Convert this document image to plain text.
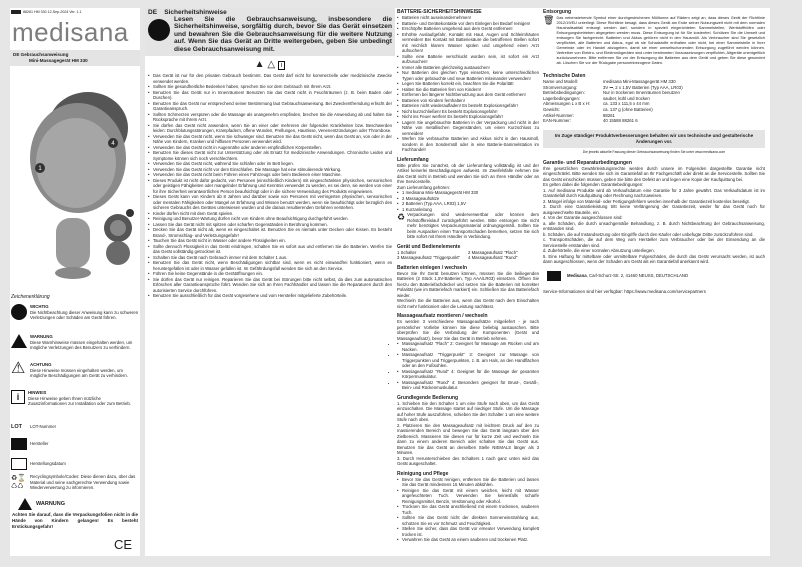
88261 HM 330 12-Sep-2024 Ver. 1.1
medisana
DE Gebrauchsanweisung
Mini-Massagegerät HM 330
1
4
Zeichenerklärung
WICHTIG
Die Nichtbeachtung dieser Anweisung kann zu schweren Verletzungen oder Schäden am Gerät führen.
WARNUNG
Diese Warnhinweise müssen eingehalten werden, um mögliche Verletzungen des Benutzers zu verhindern.
⚠	ACHTUNG
Diese Hinweise müssen eingehalten werden, um mögliche Beschädigungen am Gerät zu verhindern.
i	HINWEIS
Diese Hinweise geben Ihnen nützliche Zusatzinformationen zur Installation oder zum Betrieb.
LOT	LOT-Nummer
Hersteller
Herstellungsdatum
♻⌛
♺♺
Recyclingsymbole/Codes: Diese dienen dazu, über das Material und seine sachgerechte Verwendung sowie Wiederverwertung zu informieren.
WARNUNG

Achten Sie darauf, dass die Verpackungsfolien nicht in die Hände von Kindern gelangen! Es besteht Erstickungsgefahr!

CE
DE Sicherheitshinweise

Lesen Sie die Gebrauchsanweisung, insbesondere die Sicherheitshinweise, sorgfältig durch, bevor Sie das Gerät einsetzen und bewahren Sie die Gebrauchsanweisung für die weitere Nutzung auf. Wenn Sie das Gerät an Dritte weitergeben, geben Sie unbedingt diese Gebrauchsanweisung mit.

▲ △ i
• Das Gerät ist nur für den privaten Gebrauch bestimmt. Das Gerät darf nicht für kommerzielle oder medizinische Zwecke verwendet werden.
• Sollten Sie gesundheitliche Bedenken haben, sprechen Sie vor dem Gebrauch mit Ihrem Arzt.
• Benutzen Sie das Gerät nur in Innenräumen! Benutzen Sie das Gerät nicht in Feuchträumen (z. B. beim Baden oder Duschen).
• Benutzen Sie das Gerät nur entsprechend seiner Bestimmung laut Gebrauchsanweisung. Bei Zweckentfremdung erlischt der Garantieanspruch.
• Sollten Schmerzen verspüren oder die Massage als unangenehm empfinden, brechen Sie die Anwendung ab und halten Sie Rücksprache mit Ihrem Arzt.
• Sie dürfen das Gerät nicht anwenden, wenn Sie an einer oder mehreren der folgenden Krankheiten bzw. Beschwerden leiden: Durchblutungsstörungen, Krampfadern, offene Wunden, Prellungen, Hautrisse, Venenentzündungen oder Thrombose.
• Verwenden Sie das Gerät nicht, wenn Sie schwanger sind. Benutzen Sie das Gerät nicht, wenn das Gerät an, von oder in der Nähe von Kindern, Kranken und hilflosen Personen verwendet wird.
• Verwenden Sie das Gerät nicht in Augennähe oder anderen empfindlichen Körperstellen.
• Benutzen Sie dieses Gerät nicht zur Unterstützung oder als Ersatz für medizinische Anwendungen. Chronische Leiden und Symptome können sich noch verschlechtern.
• Verwenden Sie das Gerät nicht, während Sie schlafen oder im Bett liegen.
• Verwenden Sie das Gerät nicht vor dem Einschlafen. Die Massage hat eine stimulierende Wirkung.
• Verwenden Sie das Gerät nicht beim Führen eines Fahrzeugs oder beim Bedienen einer Maschine.
• Dieses Produkt ist nicht dafür gedacht, von Personen (einschließlich Kindern) mit eingeschränkten physischen, sensorischen oder geistigen Fähigkeiten oder mangelnder Erfahrung und Kenntnis verwendet zu werden, es sei denn, sie werden von einer für ihre Sicherheit verantwortlichen Person beaufsichtigt oder in die sichere Verwendung des Produkts eingewiesen.
• Dieses Gerät kann von Kindern ab 8 Jahren und darüber sowie von Personen mit verringerten physischen, sensorischen oder mentalen Fähigkeiten oder Mangel an Erfahrung und Wissen benutzt werden, wenn sie beaufsichtigt oder bezüglich des sicheren Gebrauchs des Gerätes unterwiesen wurden und die daraus resultierenden Gefahren verstehen.
• Kinder dürfen nicht mit dem Gerät spielen.
• Reinigung und Benutzer-Wartung dürfen nicht von Kindern ohne Beaufsichtigung durchgeführt werden.
• Lassen Sie das Gerät nicht mit spitzen oder scharfen Gegenständen in Berührung kommen.
• Decken Sie das Gerät nicht ab, wenn es eingeschaltet ist. Benutzen Sie es niemals unter Decken oder Kissen. Es besteht Brand-, Stromschlag- und Verletzungsgefahr!
• Tauchen Sie das Gerät nicht in Wasser oder andere Flüssigkeiten ein.
• Sollte dennoch Flüssigkeit in das Gerät eindringen, schalten Sie es sofort aus und entfernen Sie die Batterien. Werfen Sie das Gerät vollständig getrocknet ist.
• Schalten Sie das Gerät nach Gebrauch immer mit dem Schalter 1 aus.
• Benutzen Sie das Gerät nicht, wenn Beschädigungen sichtbar sind, wenn es nicht einwandfrei funktioniert, wenn es heruntergefallen ist oder in Wasser gefallen ist. Im Gefährdungsfall wenden Sie sich an den Service.
• Führen Sie keine Gegenstände in die Gerätöffnungen ein.
• Sie dürfen das Gerät nur reinigen. Reparieren Sie das Gerät bei Störungen bitte nicht selbst, da dies zum automatischen Erlöschen aller Garantieansprüche führt. Wenden Sie sich an Ihren Fachhändler und lassen Sie die Reparaturen durch den autorisierten Service durchführen.
• Benutzen Sie ausschließlich für das Gerät vorgesehene und vom Hersteller mitgelieferte Zubehörteile.
BATTERIE-SICHERHEITSHINWEISE
• Batterien nicht auseinandernehmen!
• Batterie- und Gerätekontakte vor dem Einlegen bei Bedarf reinigen!
• Erschöpfte Batterien umgehend aus dem Gerät entfernen!
• Erhöhte Auslaufgefahr, Kontakt mit Haut, Augen und Schleimhäuten vermeiden! Bei Kontakt mit Batteriesäure die betroffenen Stellen sofort mit reichlich klarem Wasser spülen und umgehend einen Arzt aufsuchen!
• Sollte eine Batterie verschluckt worden sein, ist sofort ein Arzt aufzusuchen!
• Immer alle Batterien gleichzeitig austauschen!
• Nur Batterien des gleichen Typs einsetzen, keine unterschiedlichen Typen oder gebrauchte und neue Batterien miteinander verwenden!
• Legen Sie Batterien korrekt ein, beachten Sie die Polarität!
• Halten Sie die Batterien fern von Kindern!
• Entfernen bei längerer Nichtbenutzung aus dem Gerät entfernen!
• Batterien von Kindern fernhalten!
• Batterien nicht wiederaufladen! Es besteht Explosionsgefahr!
• Nicht kurzschließen! Es besteht Explosionsgefahr!
• Nicht ins Feuer werfen! Es besteht Explosionsgefahr!
• Lagern Sie ungebrauchte Batterien in der Verpackung und nicht in der Nähe von metallischen Gegenständen, um einen Kurzschluss zu vermeiden!
• Werfen Sie verbrauchte Batterien und Akkus nicht in den Hausmüll, sondern in den Sondermüll oder in eine Batterie-Sammelstation im Fachhandel!
Lieferumfang

Bitte prüfen Sie zunächst, ob der Lieferumfang vollständig ist und der Artikel keinerlei Beschädigungen aufweist. Im Zweifelsfalle nehmen Sie das Gerät nicht in Betrieb und wenden Sie sich an Ihren Händler oder an Ihre Servicestelle.

Zum Lieferumfang gehören:

• 1 medisana Mini-Massagegerät HM 330
• 2 Massageaufsätze
• 2 Batterien (Typ AAA, LR03) 1,5V
• 1 Kurzanleitung
♻ Verpackungen sind wiederverwertbar oder können dem Rohstoffkreislauf zurückgeführt werden. Bitte entsorgen Sie nicht mehr benötigtes Verpackungsmaterial ordnungsgemäß. Sollten Sie beim Auspacken einen Transportschaden bemerken, setzen Sie sich bitte sofort mit Ihrem Händler in Verbindung.

Gerät und Bedienelemente
1 Schalter	2 Massageaufsatz "Flach"
3 Massageaufsatz "Triggerpunkt"	4 Massageaufsatz "Rund"
Batterien einlegen / wechseln

Bevor Sie Ihr Gerät benutzen können, müssen Sie die beiliegenden Batterien (2 Stück 1,5V-Batterien, Typ AAA/LR03) einsetzen. Öffnen Sie hierzu den Batteriefachdeckel und setzen Sie die Batterien mit korrekter Polarität (wie im Batteriefach markiert) ein. Schließen Sie das Batteriefach wieder.

Wechseln Sie die Batterien aus, wenn das Gerät nach dem Einschalten nicht mehr funktioniert oder die Leistung nachlässt.

Massageaufsatz montieren / wechseln

Es werden 3 verschiedene Massageaufsätze mitgeliefert - je nach persönlicher Vorliebe können Sie diese beliebig austauschen. Bitte überprüfen Sie die Verbindung der Komponenten (Gerät und Massageaufsatz), bevor Sie das Gerät in Betrieb nehmen.

• • Massageaufsatz "Flach" 2: Geeignet für Massage am Rücken und am Nacken.
• • Massageaufsatz "Triggerpunkt" 3: Geeignet zur Massage von Triggerpunkten und Triggerpunkten, z. B. am Hals, an den Handflächen oder an den Fußsohlen.
• • Massageaufsatz "Rund" 4: Geeignet für die Massage der gesamten Körpermuskulatur.
• • Massageaufsatz "Rund" 4: Besonders geeignet für Brust-, Gesäß-, Bein- und Rückenmuskulatur.
Grundlegende Bedienung

1. Schieben Sie den Schalter 1 um eine Stufe nach oben, um das Gerät einzuschalten. Die Massage startet auf niedriger Stufe. Um die Massage auf hoher Stufe auszuführen, schieben Sie den Schalter 1 um eine weitere Stufe nach oben.

2. Platzieren Sie den Massageaufsatz mit leichtem Druck auf den zu massierenden Bereich und bewegen Sie das Gerät langsam über den Zielbereich. Massieren Sie diesen nur für kurze Zeit und wechseln Sie dann zu einem anderen Bereich oder schalten Sie das Gerät aus. Benutzen Sie das Gerät an derselben Stelle NIEMALS länger als 3 Minuten.

3. Durch Herunterschieben des Schalters 1 nach ganz unten wird das Gerät ausgeschaltet.

Reinigung und Pflege
• Bevor Sie das Gerät reinigen, entfernen Sie die Batterien und lassen Sie das Gerät mindestens 15 Minuten abkühlen.
• Reinigen Sie das Gerät mit einem weichen, leicht mit Wasser angefeuchteten Tuch. Verwenden Sie keinesfalls scharfe Reinigungsmittel, Benzin, Verdünnung oder Alkohol.
• Trocknen Sie das Gerät anschließend mit einem trockenen, sauberen Tuch.
• Sollten Sie das Gerät nicht der direkten Sonneneinstrahlung aus, schützen Sie es vor Schmutz und Feuchtigkeit.
• Stellen Sie sicher, dass das Gerät vor erneuter Verwendung komplett trocken ist.
• Verwahren Sie das Gerät an einem sauberen und trockenen Platz.
Entsorgung
🗑 Das nebenstehende Symbol einer durchgestrichenen Mülltonne auf Rädern zeigt an, dass dieses Gerät der Richtlinie 2012/19/EU unterliegt. Diese Richtlinie besagt, dass dieses Gerät am Ende seiner Nutzungszeit nicht mit dem normalen Haushaltsabfall entsorgt werden darf, sondern in speziell eingerichteten Sammelstellen, Wertstoffhöfen oder Entsorgungsbetrieben abgegeben werden muss. Diese Entsorgung ist für Sie kostenfrei. Schützen Sie die Umwelt und entsorgen Sie fachgerecht. Batterien und Akkus gehören nicht in den Hausmüll. Als Verbraucher sind Sie gesetzlich verpflichtet, alle Batterien und Akkus, egal ob sie Schadstoffe enthalten oder nicht, bei einer Sammelstelle in Ihrer Gemeinde oder im Handel abzugeben, damit sie einer umweltschonenden Entsorgung zugeführt werden können. Vertreiber von Elektro- und Elektronikgeräten sind unter bestimmten Voraussetzungen verpflichtet, Altgeräte unentgeltlich zurückzunehmen. Bitte entfernen Sie vor der Entsorgung die Batterien aus dem Gerät und geben Sie diese gesondert ab. Löschen Sie vor der Rückgabe personenbezogene Daten.

Technische Daten
Name und Modell:	medisana Mini-Massagegerät HM 330
Stromversorgung:	3V ⎓, 2 x 1,5V Batterien (Typ AAA, LR03)
Betriebsbedingungen:	Nur in trockenen Innenräumen benutzen
Lagerbedingungen:	sauber, kühl und trocken
Abmessungen L x B x H:	ca. 133 x 111,5 x 44 mm
Gewicht:	ca. 137 g (ohne Batterien)
Artikel-Nummer:	88261
EAN-Nummer:	40 15588 88261 6
Im Zuge ständiger Produktverbesserungen behalten wir uns technische und gestalterische Änderungen vor.
Die jeweils aktuelle Fassung dieser Gebrauchsanweisung finden Sie unter www.medisana.com
Garantie- und Reparaturbedingungen

Ihre gesetzlichen Gewährleistungsrechte werden durch unsere im Folgenden dargestellte Garantie nicht eingeschränkt. Bitte wenden Sie sich im Garantiefall an Ihr Fachgeschäft oder direkt an die Servicestelle. Sollten Sie das Gerät einschicken müssen, geben Sie bitte den Defekt an und legen eine Kopie der Kaufquittung bei.

Es gelten dabei die folgenden Garantiebedingungen:

1. Auf medisana Produkte wird ab Verkaufsdatum eine Garantie für 3 Jahre gewährt. Das Verkaufsdatum ist im Garantiefall durch Kaufquittung oder Rechnung nachzuweisen.

2. Mängel infolge von Material- oder Fertigungsfehlern werden innerhalb der Garantiezeit kostenlos beseitigt.

3. Durch eine Garantieleistung tritt keine Verlängerung der Garantiezeit, weder für das Gerät noch für ausgewechselte Bauteile, ein.

4. Von der Garantie ausgeschlossen sind:

a. alle Schäden, die durch unsachgemäße Behandlung, z. B. durch Nichtbeachtung der Gebrauchsanweisung, entstanden sind.

b. Schäden, die auf Instandsetzung oder Eingriffe durch den Käufer oder unbefugte Dritte zurückzuführen sind.

c. Transportschäden, die auf dem Weg vom Hersteller zum Verbraucher oder bei der Einsendung an die Servicestelle entstanden sind.

d. Zubehörteile, die einer normalen Abnutzung unterliegen.

5. Eine Haftung für mittelbare oder unmittelbare Folgeschäden, die durch das Gerät verursacht werden, ist auch dann ausgeschlossen, wenn der Schaden am Gerät als ein Garantiefall anerkannt wird.

Medisana, Carl-Schurz-Str. 2, 41460 NEUSS, DEUTSCHLAND

Service-Informationen sind hier verfügbar: https://www.medisana.com/servicepartners
